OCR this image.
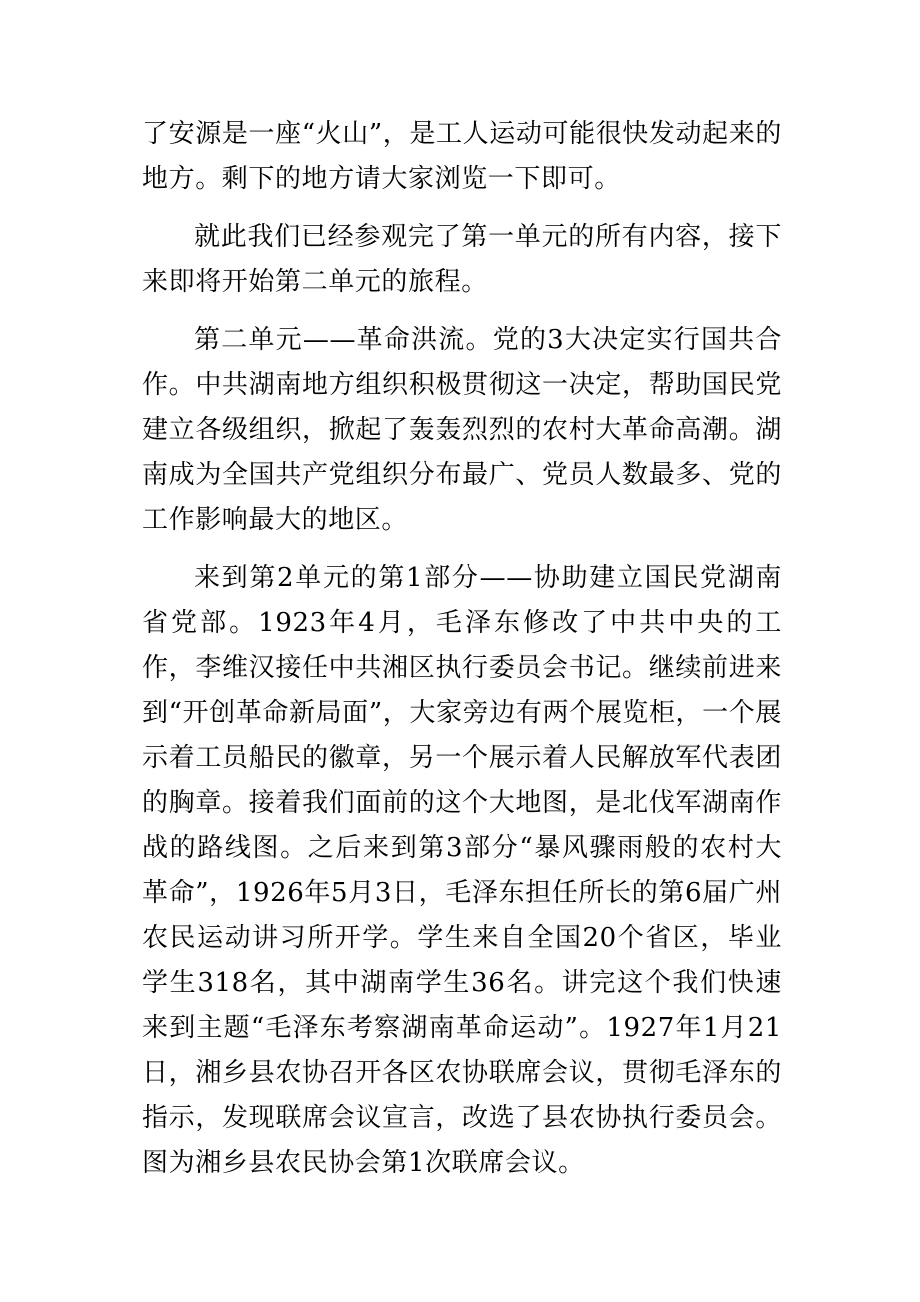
了安源是一座“火山”，是工人运动可能很快发动起来的地方。剩下的地方请大家浏览一下即可。

就此我们已经参观完了第一单元的所有内容，接下来即将开始第二单元的旅程。

第二单元——革命洪流。党的3大决定实行国共合作。中共湖南地方组织积极贯彻这一决定，帮助国民党建立各级组织，掀起了轰轰烈烈的农村大革命高潮。湖南成为全国共产党组织分布最广、党员人数最多、党的工作影响最大的地区。

来到第2单元的第1部分——协助建立国民党湖南省党部。1923年4月，毛泽东修改了中共中央的工作，李维汉接任中共湘区执行委员会书记。继续前进来到“开创革命新局面”，大家旁边有两个展览柜，一个展示着工员船民的徽章，另一个展示着人民解放军代表团的胸章。接着我们面前的这个大地图，是北伐军湖南作战的路线图。之后来到第3部分“暴风骤雨般的农村大革命”，1926年5月3日，毛泽东担任所长的第6届广州农民运动讲习所开学。学生来自全国20个省区，毕业学生318名，其中湖南学生36名。讲完这个我们快速来到主题“毛泽东考察湖南革命运动”。1927年1月21日，湘乡县农协召开各区农协联席会议，贯彻毛泽东的指示，发现联席会议宣言，改选了县农协执行委员会。图为湘乡县农民协会第1次联席会议。
